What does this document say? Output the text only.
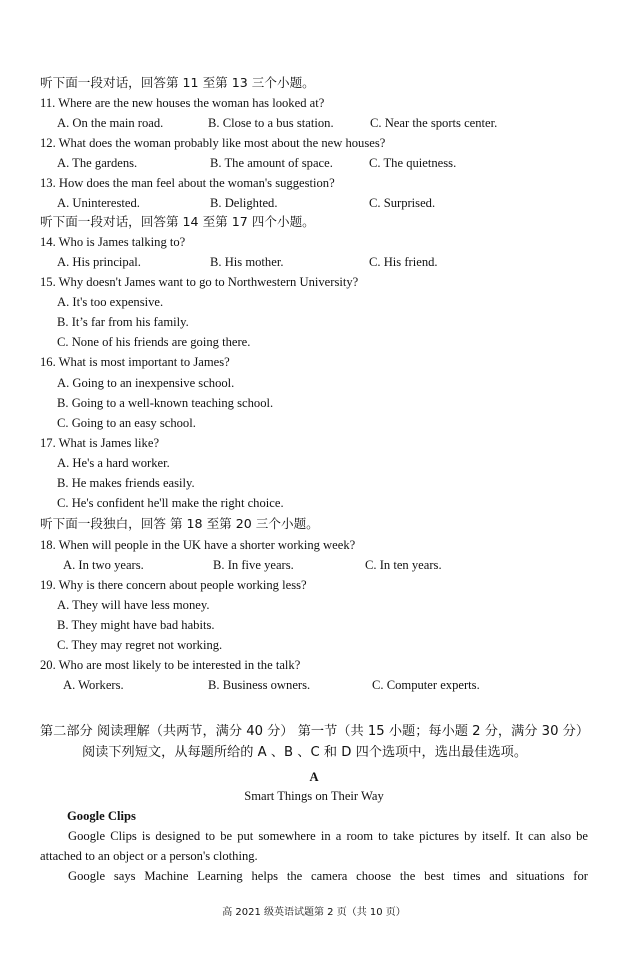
听下面一段对话，回答第 11 至第 13 三个小题。
11. Where are the new houses the woman has looked at?
A. On the main road.	B. Close to a bus station.	C. Near the sports center.
12. What does the woman probably like most about the new houses?
A. The gardens.	B. The amount of space.	C. The quietness.
13. How does the man feel about the woman's suggestion?
A. Uninterested.	B. Delighted.	C. Surprised.
听下面一段对话，回答第 14 至第 17 四个小题。
14. Who is James talking to?
A. His principal.	B. His mother.	C. His friend.
15. Why doesn't James want to go to Northwestern University?
A. It's too expensive.
B. It’s far from his family.
C. None of his friends are going there.
16. What is most important to James?
A. Going to an inexpensive school.
B. Going to a well-known teaching school.
C. Going to an easy school.
17. What is James like?
A. He's a hard worker.
B. He makes friends easily.
C. He's confident he'll make the right choice.
听下面一段独白，回答 第 18 至第 20 三个小题。
18. When will people in the UK have a shorter working week?
A. In two years.	B. In five years.	C. In ten years.
19. Why is there concern about people working less?
A. They will have less money.
B. They might have bad habits.
C. They may regret not working.
20. Who are most likely to be interested in the talk?
A. Workers.	B. Business owners.	C. Computer experts.
第二部分 阅读理解（共两节，满分 40 分） 第一节（共 15 小题；每小题 2 分，满分 30 分）
阅读下列短文，从每题所给的 A 、B 、C 和 D 四个选项中，选出最佳选项。
A
Smart Things on Their Way
Google Clips
Google Clips is designed to be put somewhere in a room to take pictures by itself. It can also be attached to an object or a person's clothing.
Google says Machine Learning helps the camera choose the best times and situations for
高 2021 级英语试题第 2 页（共 10 页）
